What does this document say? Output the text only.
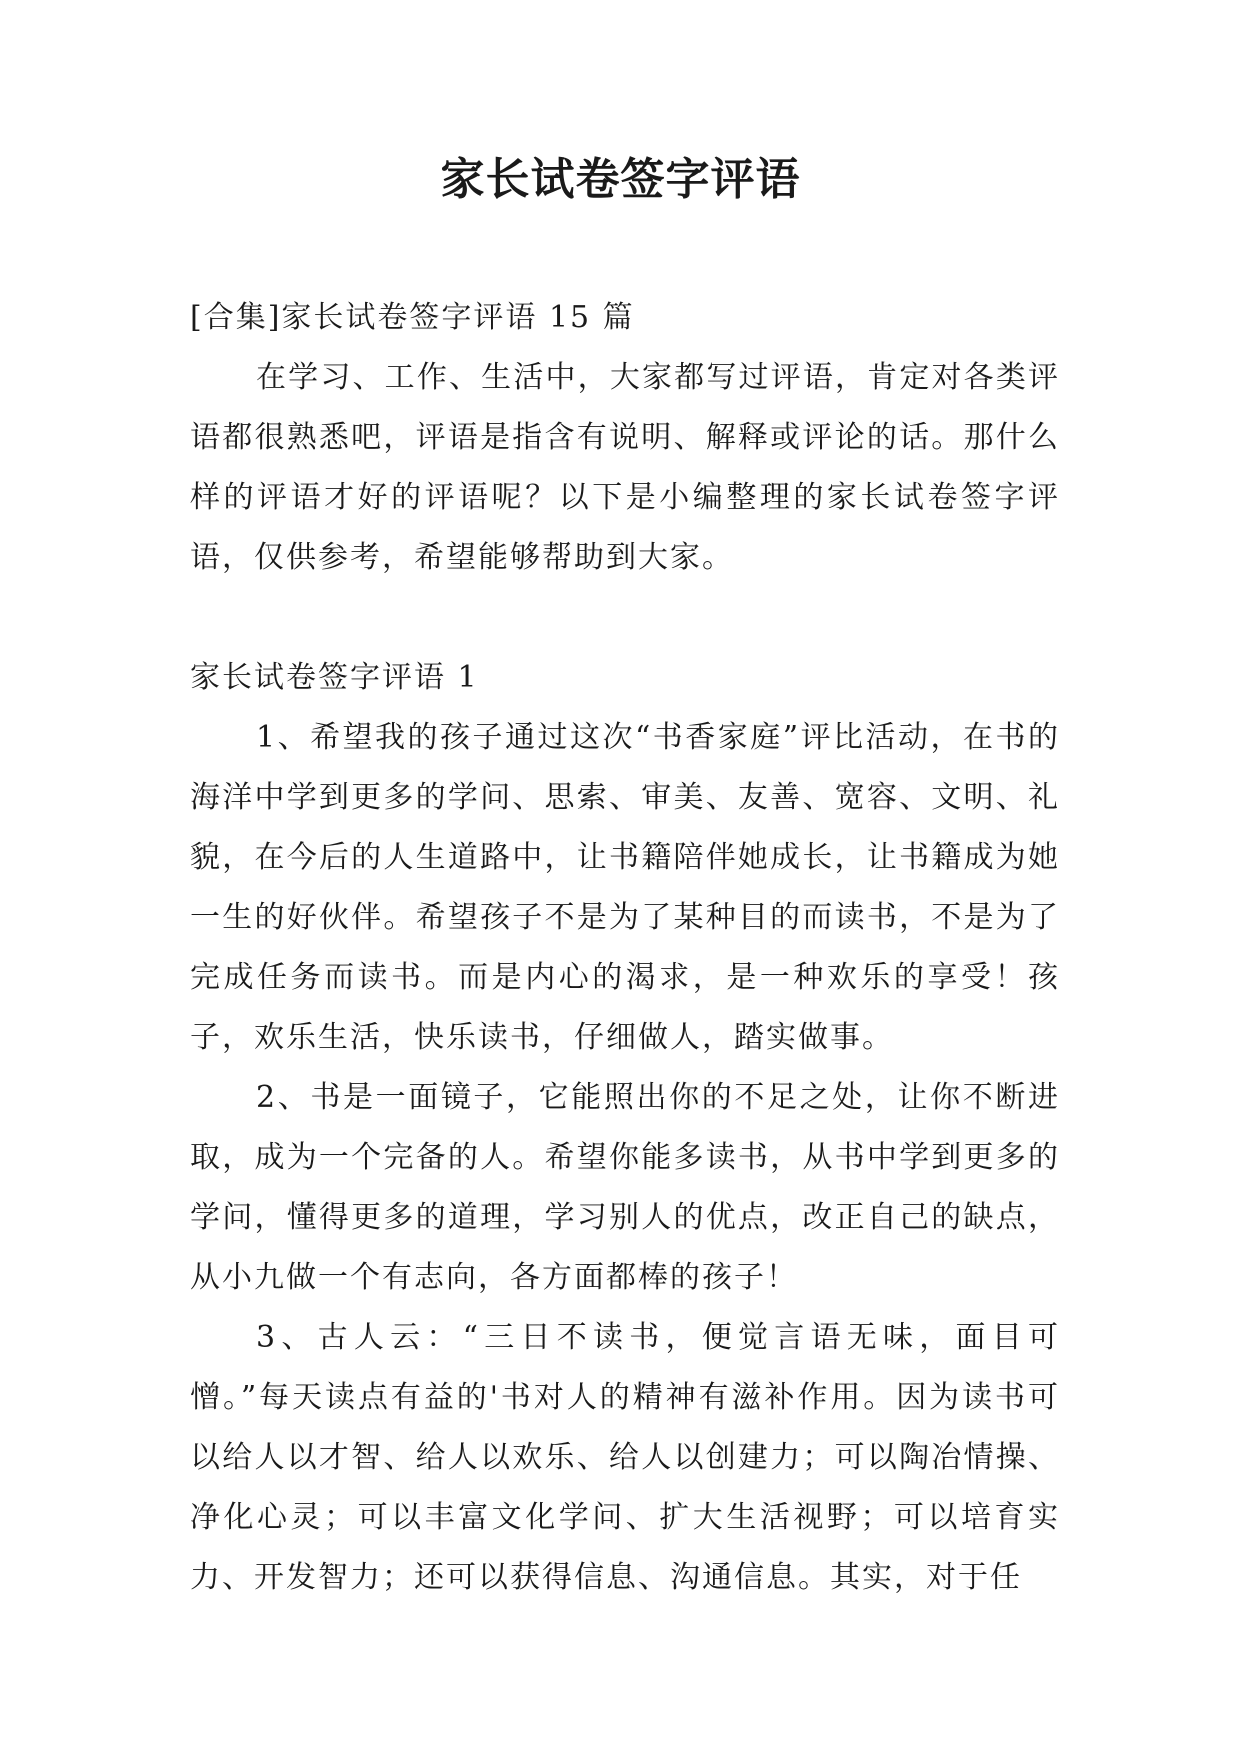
家长试卷签字评语

[合集]家长试卷签字评语 15 篇

在学习、工作、生活中，大家都写过评语，肯定对各类评语都很熟悉吧，评语是指含有说明、解释或评论的话。那什么样的评语才好的评语呢？以下是小编整理的家长试卷签字评语，仅供参考，希望能够帮助到大家。

家长试卷签字评语 1

1、希望我的孩子通过这次“书香家庭”评比活动，在书的海洋中学到更多的学问、思索、审美、友善、宽容、文明、礼貌，在今后的人生道路中，让书籍陪伴她成长，让书籍成为她一生的好伙伴。希望孩子不是为了某种目的而读书，不是为了完成任务而读书。而是内心的渴求，是一种欢乐的享受！孩子，欢乐生活，快乐读书，仔细做人，踏实做事。

2、书是一面镜子，它能照出你的不足之处，让你不断进取，成为一个完备的人。希望你能多读书，从书中学到更多的学问，懂得更多的道理，学习别人的优点，改正自己的缺点，从小九做一个有志向，各方面都棒的孩子！

3、古人云：“三日不读书，便觉言语无味，面目可憎。”每天读点有益的'书对人的精神有滋补作用。因为读书可以给人以才智、给人以欢乐、给人以创建力；可以陶冶情操、净化心灵；可以丰富文化学问、扩大生活视野；可以培育实力、开发智力；还可以获得信息、沟通信息。其实，对于任
